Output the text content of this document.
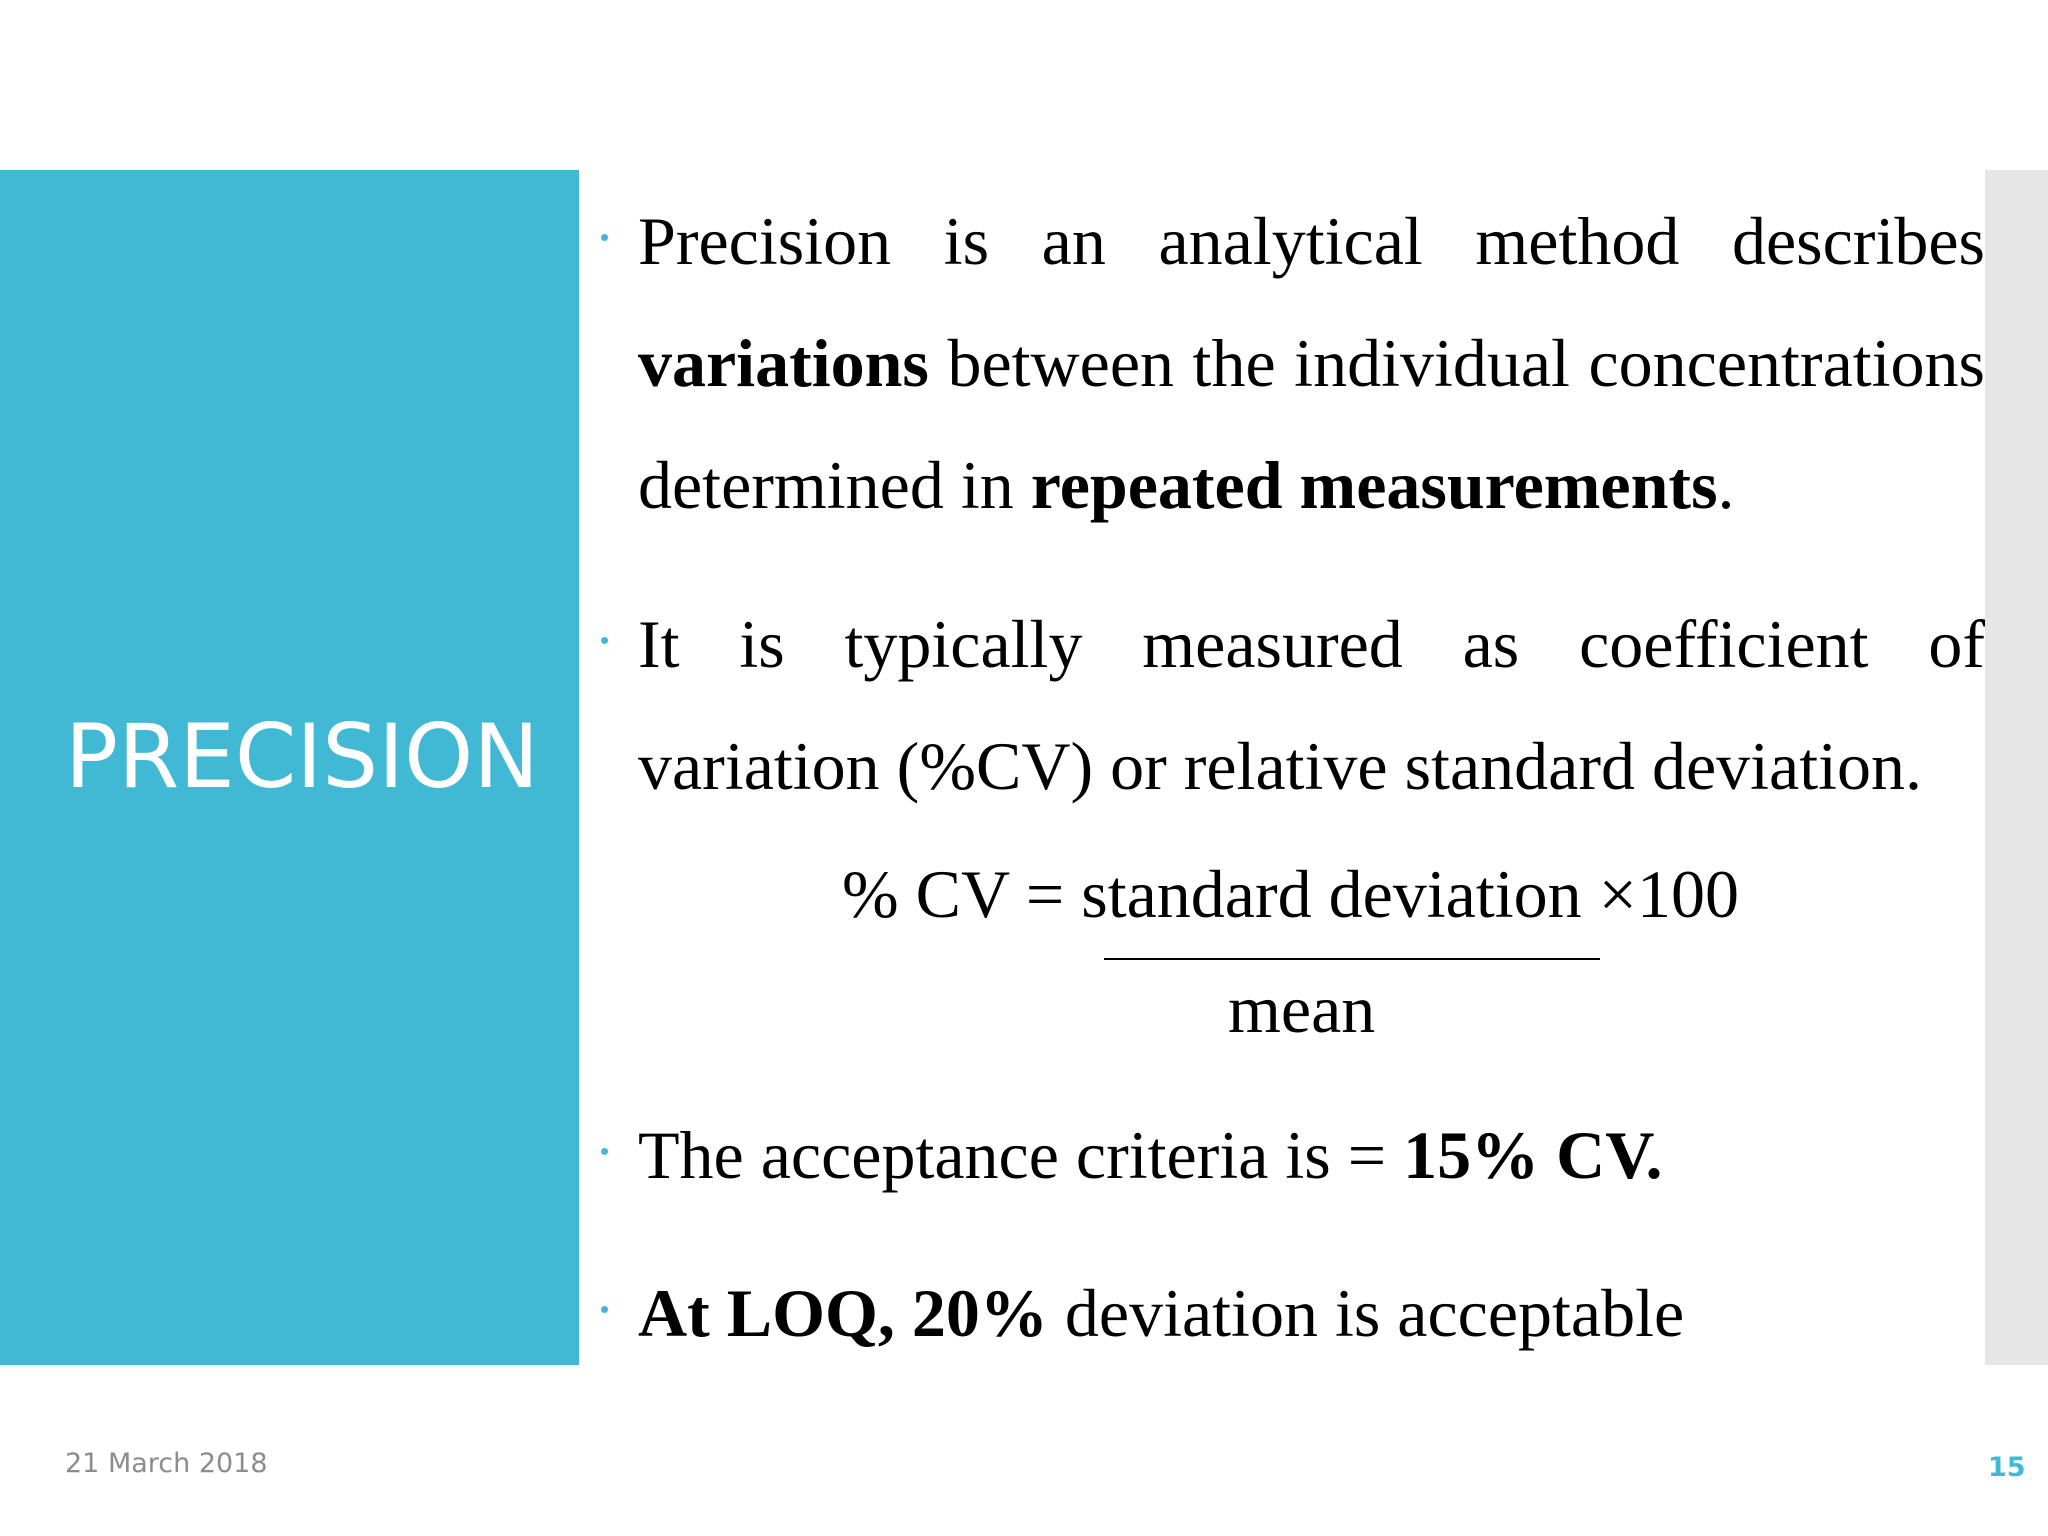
PRECISION
• Precision is an analytical method describes
variations between the individual concentrations
determined in repeated measurements.
• It is typically measured as coefficient of
variation (%CV) or relative standard deviation.
% CV = standard deviation ×100
mean
• The acceptance criteria is = 15% CV.
• At LOQ, 20% deviation is acceptable
21 March 2018	15
